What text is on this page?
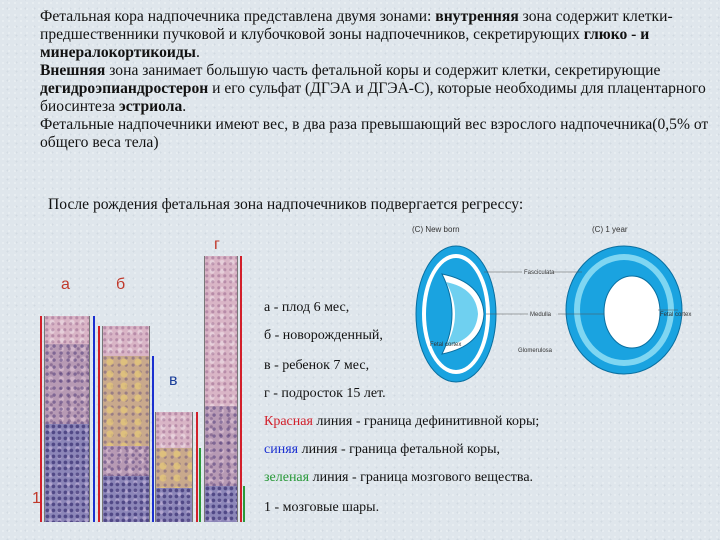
Фетальная кора надпочечника представлена двумя зонами: внутренняя зона содержит клетки-предшественники пучковой и клубочковой зоны надпочечников, секретирующих глюко - и минералокортикоиды.

Внешняя зона занимает большую часть фетальной коры и содержит клетки, секретирующие дегидроэпиандростерон и его сульфат (ДГЭА и ДГЭА-С), которые необходимы для плацентарного биосинтеза эстриола.

Фетальные надпочечники имеют вес, в два раза превышающий вес взрослого надпочечника(0,5% от общего веса тела)

После рождения фетальная зона надпочечников подвергается регрессу:
а	б
в
г
1
а - плод 6 мес,
б - новорожденный,
в - ребенок 7 мес,
г - подросток 15 лет.
Красная линия - граница дефинитивной коры;
синяя линия - граница фетальной коры,
зеленая линия - граница мозгового вещества.
1 - мозговые шары.
(C) New born	(C) 1 year
Fasciculata
Medulla
Fetal cortex
Fetal cortex
Glomerulosa
